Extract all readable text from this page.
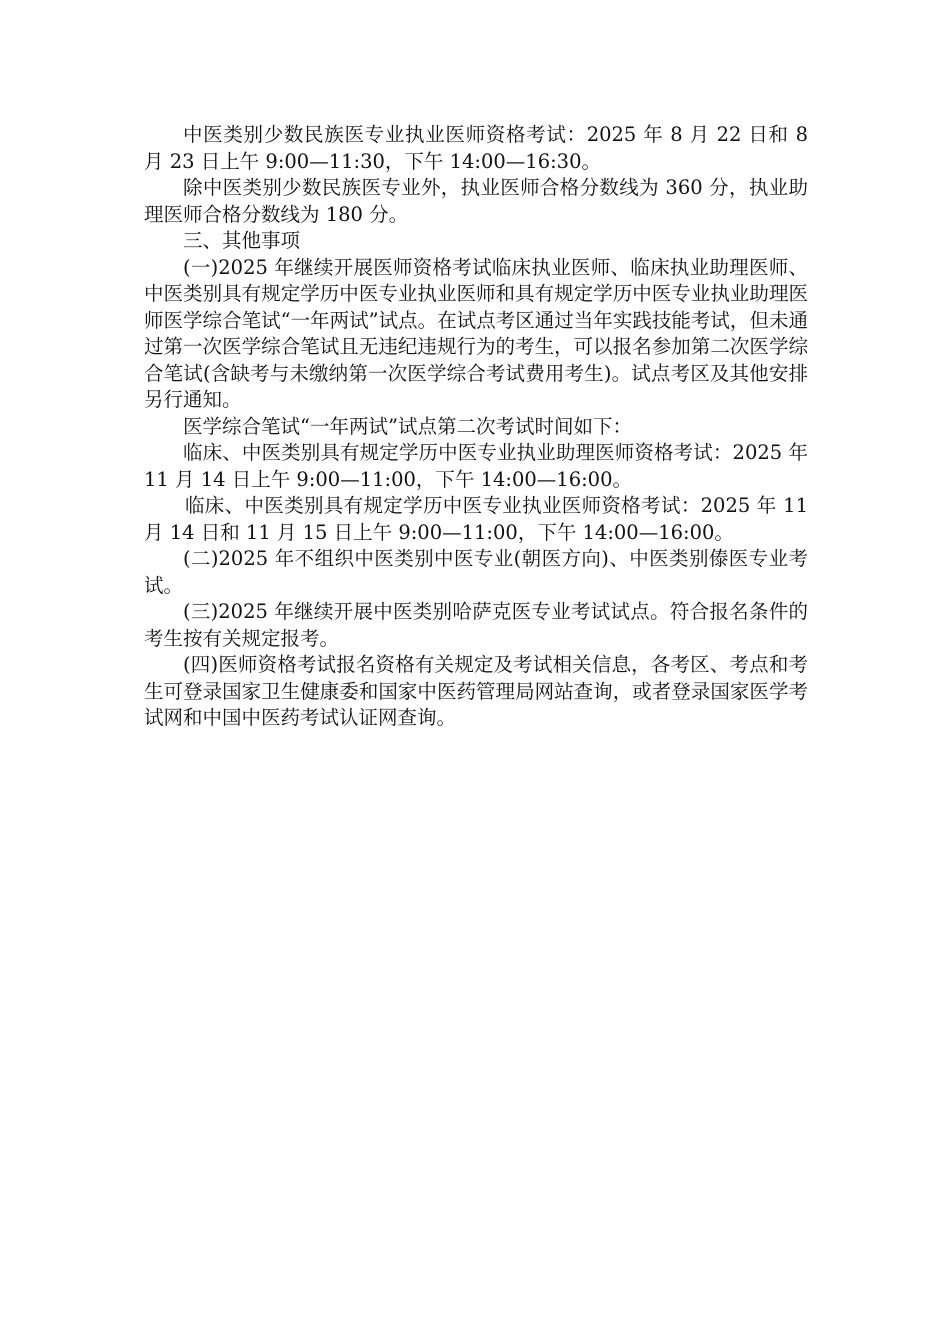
中医类别少数民族医专业执业医师资格考试：2025 年 8 月 22 日和 8 月 23 日上午 9:00—11:30，下午 14:00—16:30。

除中医类别少数民族医专业外，执业医师合格分数线为 360 分，执业助理医师合格分数线为 180 分。

三、其他事项

(一)2025 年继续开展医师资格考试临床执业医师、临床执业助理医师、中医类别具有规定学历中医专业执业医师和具有规定学历中医专业执业助理医师医学综合笔试“一年两试”试点。在试点考区通过当年实践技能考试，但未通过第一次医学综合笔试且无违纪违规行为的考生，可以报名参加第二次医学综合笔试(含缺考与未缴纳第一次医学综合考试费用考生)。试点考区及其他安排另行通知。

医学综合笔试“一年两试”试点第二次考试时间如下：

临床、中医类别具有规定学历中医专业执业助理医师资格考试：2025 年 11 月 14 日上午 9:00—11:00，下午 14:00—16:00。

临床、中医类别具有规定学历中医专业执业医师资格考试：2025 年 11 月 14 日和 11 月 15 日上午 9:00—11:00，下午 14:00—16:00。

(二)2025 年不组织中医类别中医专业(朝医方向)、中医类别傣医专业考试。

(三)2025 年继续开展中医类别哈萨克医专业考试试点。符合报名条件的考生按有关规定报考。

(四)医师资格考试报名资格有关规定及考试相关信息，各考区、考点和考生可登录国家卫生健康委和国家中医药管理局网站查询，或者登录国家医学考试网和中国中医药考试认证网查询。
